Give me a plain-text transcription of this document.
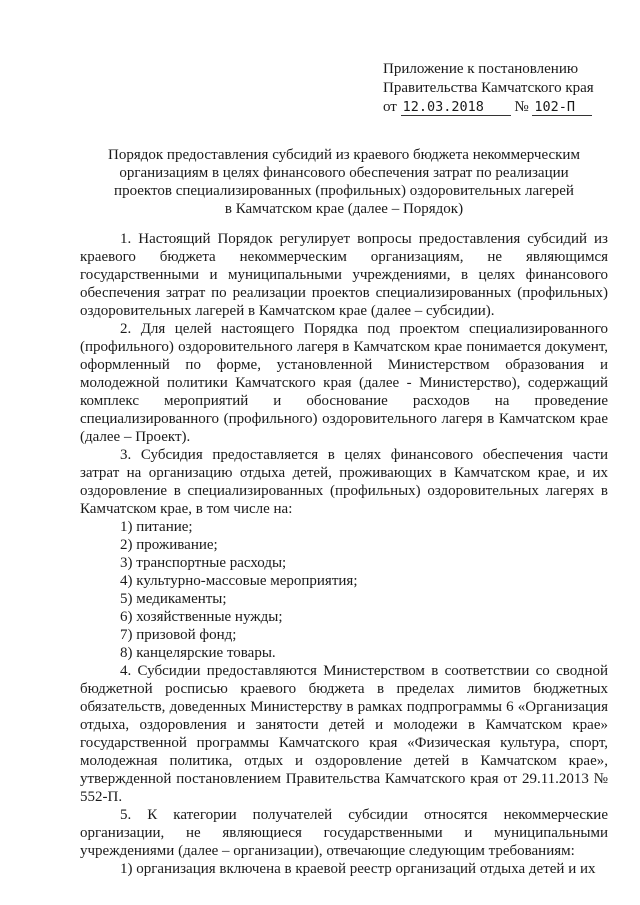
Приложение к постановлению
Правительства Камчатского края
от 12.03.2018 № 102-П
Порядок предоставления субсидий из краевого бюджета некоммерческим
организациям в целях финансового обеспечения затрат по реализации
проектов специализированных (профильных) оздоровительных лагерей
в Камчатском крае (далее – Порядок)

1. Настоящий Порядок регулирует вопросы предоставления субсидий из краевого бюджета некоммерческим организациям, не являющимся государственными и муниципальными учреждениями, в целях финансового обеспечения затрат по реализации проектов специализированных (профильных) оздоровительных лагерей в Камчатском крае (далее – субсидии).

2. Для целей настоящего Порядка под проектом специализированного (профильного) оздоровительного лагеря в Камчатском крае понимается документ, оформленный по форме, установленной Министерством образования и молодежной политики Камчатского края (далее - Министерство), содержащий комплекс мероприятий и обоснование расходов на проведение специализированного (профильного) оздоровительного лагеря в Камчатском крае (далее – Проект).

3. Субсидия предоставляется в целях финансового обеспечения части затрат на организацию отдыха детей, проживающих в Камчатском крае, и их оздоровление в специализированных (профильных) оздоровительных лагерях в Камчатском крае, в том числе на:

1) питание;

2) проживание;

3) транспортные расходы;

4) культурно-массовые мероприятия;

5) медикаменты;

6) хозяйственные нужды;

7) призовой фонд;

8) канцелярские товары.

4. Субсидии предоставляются Министерством в соответствии со сводной бюджетной росписью краевого бюджета в пределах лимитов бюджетных обязательств, доведенных Министерству в рамках подпрограммы 6 «Организация отдыха, оздоровления и занятости детей и молодежи в Камчатском крае» государственной программы Камчатского края «Физическая культура, спорт, молодежная политика, отдых и оздоровление детей в Камчатском крае», утвержденной постановлением Правительства Камчатского края от 29.11.2013 № 552-П.

5. К категории получателей субсидии относятся некоммерческие организации, не являющиеся государственными и муниципальными учреждениями (далее – организации), отвечающие следующим требованиям:

1) организация включена в краевой реестр организаций отдыха детей и их
